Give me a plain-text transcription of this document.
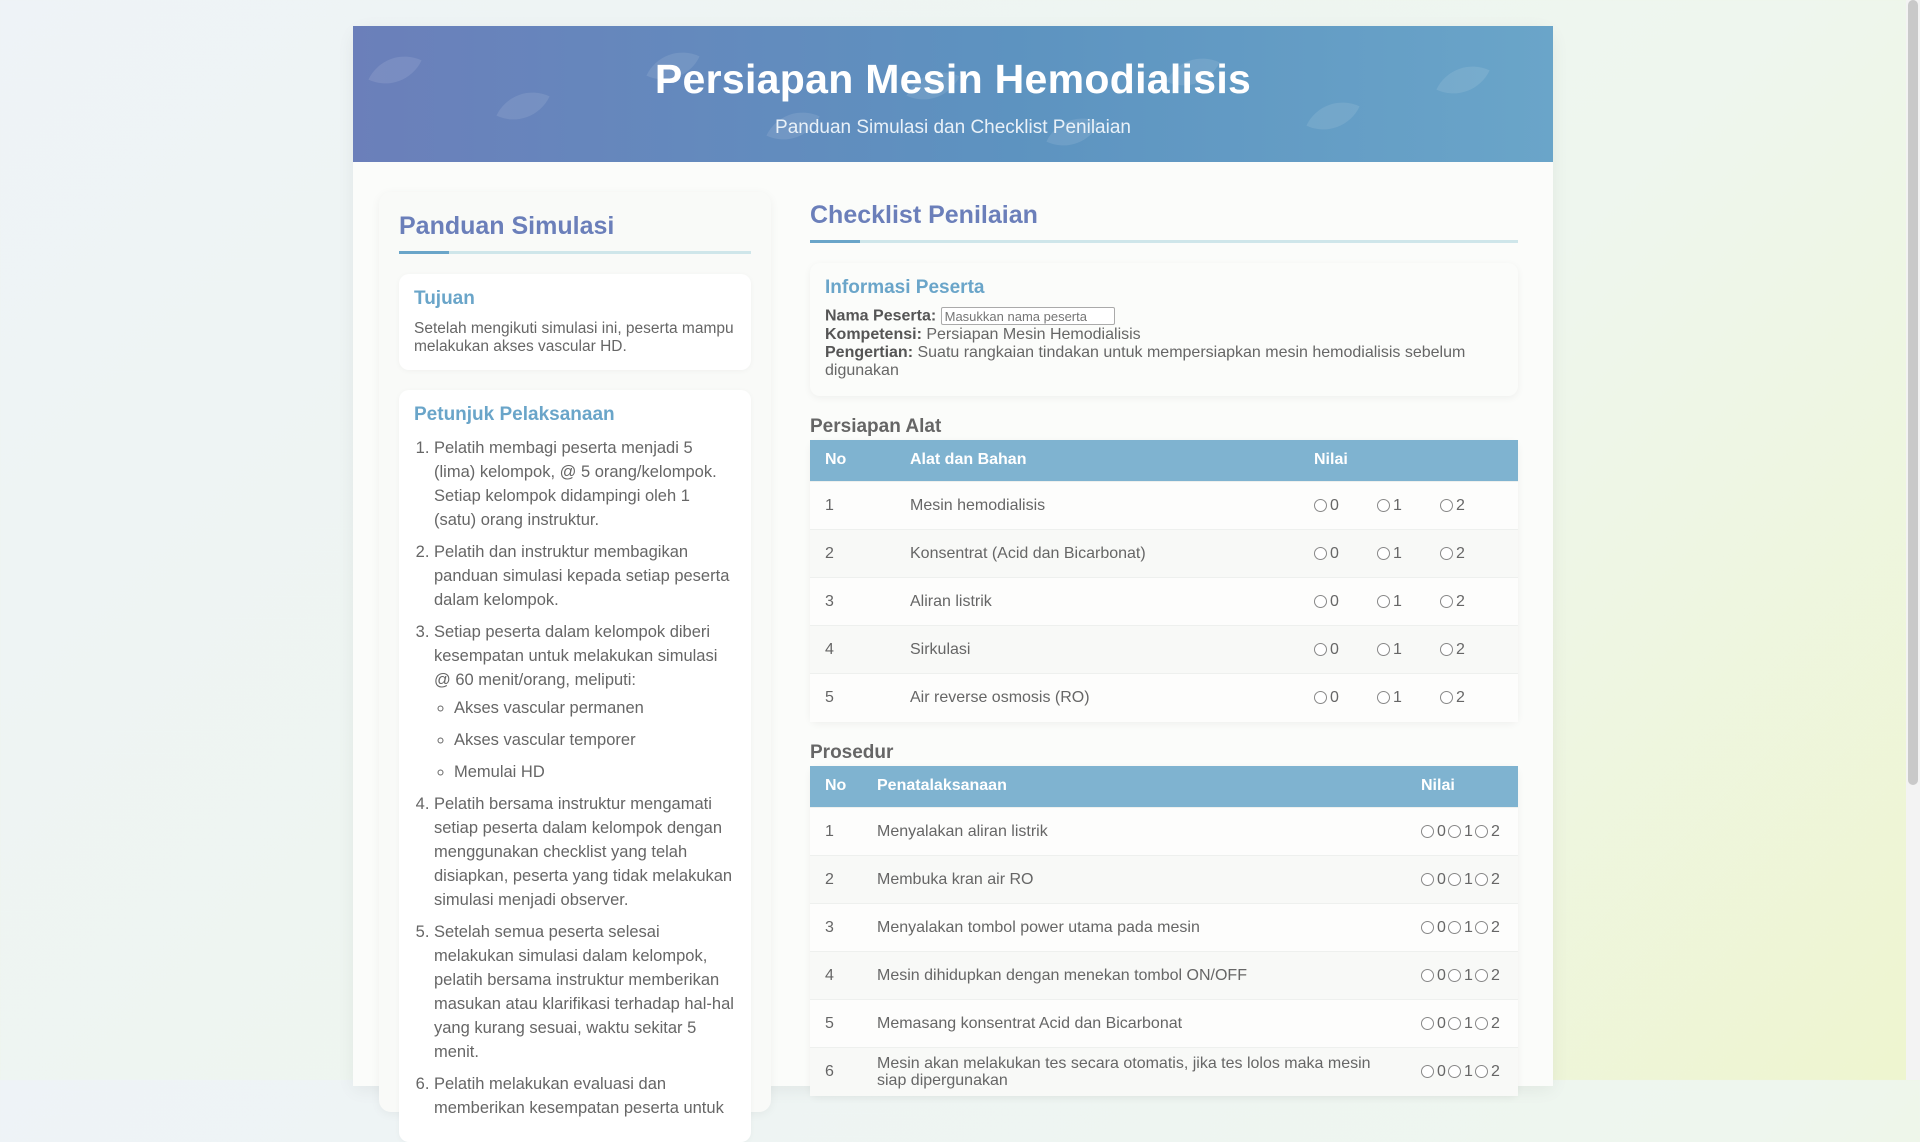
Persiapan Mesin Hemodialisis

Panduan Simulasi dan Checklist Penilaian

Panduan Simulasi
Tujuan

Setelah mengikuti simulasi ini, peserta mampu melakukan akses vascular HD.

Petunjuk Pelaksanaan
1. Pelatih membagi peserta menjadi 5 (lima) kelompok, @ 5 orang/kelompok. Setiap kelompok didampingi oleh 1 (satu) orang instruktur.
2. Pelatih dan instruktur membagikan panduan simulasi kepada setiap peserta dalam kelompok.
3. Setiap peserta dalam kelompok diberi kesempatan untuk melakukan simulasi @ 60 menit/orang, meliputi:
◦ Akses vascular permanen
◦ Akses vascular temporer
◦ Memulai HD
4. Pelatih bersama instruktur mengamati setiap peserta dalam kelompok dengan menggunakan checklist yang telah disiapkan, peserta yang tidak melakukan simulasi menjadi observer.
5. Setelah semua peserta selesai melakukan simulasi dalam kelompok, pelatih bersama instruktur memberikan masukan atau klarifikasi terhadap hal-hal yang kurang sesuai, waktu sekitar 5 menit.
6. Pelatih melakukan evaluasi dan memberikan kesempatan peserta untuk
Checklist Penilaian
Informasi Peserta
Nama Peserta: Masukkan nama peserta
Kompetensi: Persiapan Mesin Hemodialisis
Pengertian: Suatu rangkaian tindakan untuk mempersiapkan mesin hemodialisis sebelum digunakan
Persiapan Alat
No	Alat dan Bahan	Nilai
1	Mesin hemodialisis	0 1 2

2	Konsentrat (Acid dan Bicarbonat)	0 1 2

3	Aliran listrik	0 1 2

4	Sirkulasi	0 1 2

5	Air reverse osmosis (RO)	0 1 2
Prosedur
No	Penatalaksanaan	Nilai
1	Menyalakan aliran listrik	0 1 2

2	Membuka kran air RO	0 1 2

3	Menyalakan tombol power utama pada mesin	0 1 2

4	Mesin dihidupkan dengan menekan tombol ON/OFF	0 1 2

5	Memasang konsentrat Acid dan Bicarbonat	0 1 2

6	Mesin akan melakukan tes secara otomatis, jika tes lolos maka mesin siap dipergunakan	0 1 2
